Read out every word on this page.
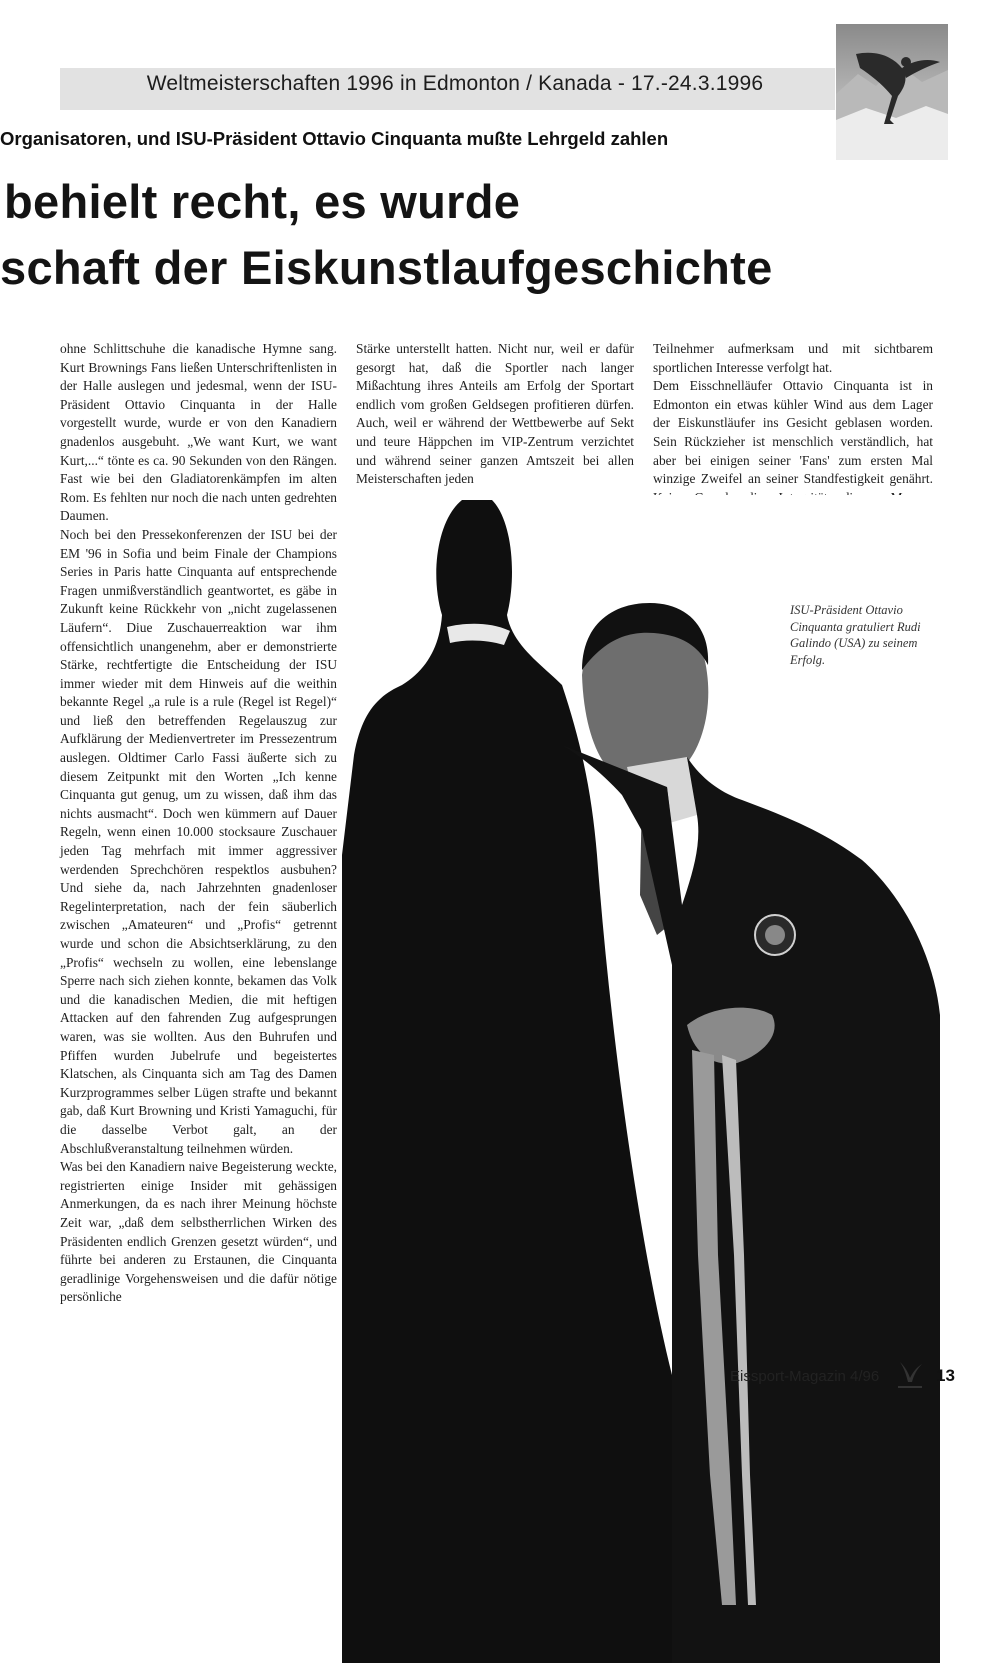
Weltmeisterschaften 1996 in Edmonton / Kanada - 17.-24.3.1996
Organisatoren, und ISU-Präsident Ottavio Cinquanta mußte Lehrgeld zahlen
behielt recht, es wurde
schaft der Eiskunstlaufgeschichte

ohne Schlittschuhe die kanadische Hymne sang. Kurt Brownings Fans ließen Unterschriftenlisten in der Halle auslegen und jedesmal, wenn der ISU-Präsident Ottavio Cinquanta in der Halle vorgestellt wurde, wurde er von den Kanadiern gnadenlos ausgebuht. „We want Kurt, we want Kurt,...“ tönte es ca. 90 Sekunden von den Rängen. Fast wie bei den Gladiatorenkämpfen im alten Rom. Es fehlten nur noch die nach unten gedrehten Daumen.

Noch bei den Pressekonferenzen der ISU bei der EM '96 in Sofia und beim Finale der Champions Series in Paris hatte Cinquanta auf entsprechende Fragen unmißverständlich geantwortet, es gäbe in Zukunft keine Rückkehr von „nicht zugelassenen Läufern“. Diue Zuschauerreaktion war ihm offensichtlich unangenehm, aber er demonstrierte Stärke, rechtfertigte die Entscheidung der ISU immer wieder mit dem Hinweis auf die weithin bekannte Regel „a rule is a rule (Regel ist Regel)“ und ließ den betreffenden Regelauszug zur Aufklärung der Medienvertreter im Pressezentrum auslegen. Oldtimer Carlo Fassi äußerte sich zu diesem Zeitpunkt mit den Worten „Ich kenne Cinquanta gut genug, um zu wissen, daß ihm das nichts ausmacht“. Doch wen kümmern auf Dauer Regeln, wenn einen 10.000 stocksaure Zuschauer jeden Tag mehrfach mit immer aggressiver werdenden Sprechchören respektlos ausbuhen? Und siehe da, nach Jahrzehnten gnadenloser Regelinterpretation, nach der fein säuberlich zwischen „Amateuren“ und „Profis“ getrennt wurde und schon die Absichtserklärung, zu den „Profis“ wechseln zu wollen, eine lebenslange Sperre nach sich ziehen konnte, bekamen das Volk und die kanadischen Medien, die mit heftigen Attacken auf den fahrenden Zug aufgesprungen waren, was sie wollten. Aus den Buhrufen und Pfiffen wurden Jubelrufe und begeistertes Klatschen, als Cinquanta sich am Tag des Damen Kurzprogrammes selber Lügen strafte und bekannt gab, daß Kurt Browning und Kristi Yamaguchi, für die dasselbe Verbot galt, an der Abschlußveranstaltung teilnehmen würden.

Was bei den Kanadiern naive Begeisterung weckte, registrierten einige Insider mit gehässigen Anmerkungen, da es nach ihrer Meinung höchste Zeit war, „daß dem selbstherrlichen Wirken des Präsidenten endlich Grenzen gesetzt würden“, und führte bei anderen zu Erstaunen, die Cinquanta geradlinige Vorgehensweisen und die dafür nötige persönliche

Stärke unterstellt hatten. Nicht nur, weil er dafür gesorgt hat, daß die Sportler nach langer Mißachtung ihres Anteils am Erfolg der Sportart endlich vom großen Geldsegen profitieren dürfen. Auch, weil er während der Wettbewerbe auf Sekt und teure Häppchen im VIP-Zentrum verzichtet und während seiner ganzen Amtszeit bei allen Meisterschaften jeden

Teilnehmer aufmerksam und mit sichtbarem sportlichen Interesse verfolgt hat.

Dem Eisschnelläufer Ottavio Cinquanta ist in Edmonton ein etwas kühler Wind aus dem Lager der Eiskunstläufer ins Gesicht geblasen worden. Sein Rückzieher ist menschlich verständlich, hat aber bei einigen seiner 'Fans' zum ersten Mal winzige Zweifel an seiner Standfestigkeit genährt.

ISU-Präsident Ottavio Cinquanta gratuliert Rudi Galindo (USA) zu seinem Erfolg.
Eissport-Magazin 4/96	13
